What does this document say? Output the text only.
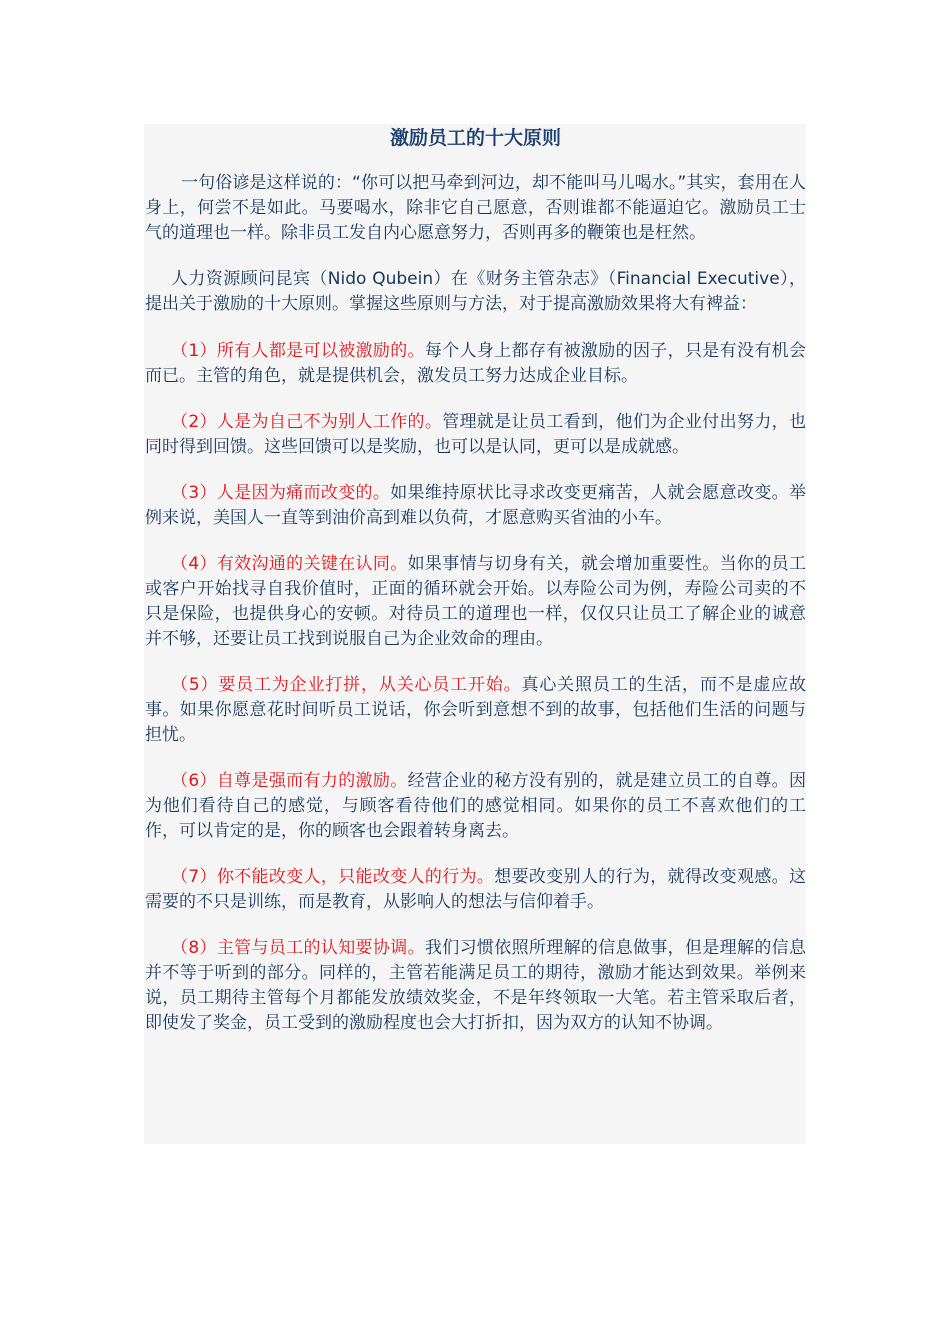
激励员工的十大原则

一句俗谚是这样说的：“你可以把马牵到河边，却不能叫马儿喝水。”其实，套用在人身上，何尝不是如此。马要喝水，除非它自己愿意，否则谁都不能逼迫它。激励员工士气的道理也一样。除非员工发自内心愿意努力，否则再多的鞭策也是枉然。

人力资源顾问昆宾（Nido Qubein）在《财务主管杂志》（Financial Executive），提出关于激励的十大原则。掌握这些原则与方法，对于提高激励效果将大有裨益：

（1）所有人都是可以被激励的。每个人身上都存有被激励的因子，只是有没有机会而已。主管的角色，就是提供机会，激发员工努力达成企业目标。

（2）人是为自己不为别人工作的。管理就是让员工看到，他们为企业付出努力，也同时得到回馈。这些回馈可以是奖励，也可以是认同，更可以是成就感。

（3）人是因为痛而改变的。如果维持原状比寻求改变更痛苦，人就会愿意改变。举例来说，美国人一直等到油价高到难以负荷，才愿意购买省油的小车。

（4）有效沟通的关键在认同。如果事情与切身有关，就会增加重要性。当你的员工或客户开始找寻自我价值时，正面的循环就会开始。以寿险公司为例，寿险公司卖的不只是保险，也提供身心的安顿。对待员工的道理也一样，仅仅只让员工了解企业的诚意并不够，还要让员工找到说服自己为企业效命的理由。

（5）要员工为企业打拼，从关心员工开始。真心关照员工的生活，而不是虚应故事。如果你愿意花时间听员工说话，你会听到意想不到的故事，包括他们生活的问题与担忧。

（6）自尊是强而有力的激励。经营企业的秘方没有别的，就是建立员工的自尊。因为他们看待自己的感觉，与顾客看待他们的感觉相同。如果你的员工不喜欢他们的工作，可以肯定的是，你的顾客也会跟着转身离去。

（7）你不能改变人，只能改变人的行为。想要改变别人的行为，就得改变观感。这需要的不只是训练，而是教育，从影响人的想法与信仰着手。

（8）主管与员工的认知要协调。我们习惯依照所理解的信息做事，但是理解的信息并不等于听到的部分。同样的，主管若能满足员工的期待，激励才能达到效果。举例来说，员工期待主管每个月都能发放绩效奖金，不是年终领取一大笔。若主管采取后者，即使发了奖金，员工受到的激励程度也会大打折扣，因为双方的认知不协调。
